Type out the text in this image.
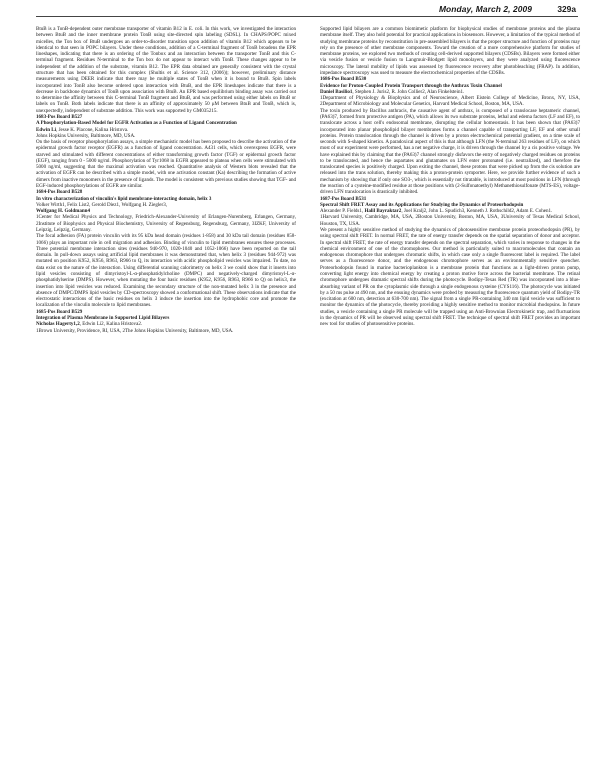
Monday, March 2, 2009	329a

BtuB is a TonB-dependent outer membrane transporter of vitamin B12 in E. coli. In this work, we investigated the interaction between BtuB and the inner membrane protein TonB using site-directed spin labeling (SDSL). In CHAPS/POPC mixed micelles, the Ton box of BtuB undergoes an order-to-disorder transition upon addition of vitamin B12 which appears to be identical to that seen in POPC bilayers. Under these conditions, addition of a C-terminal fragment of TonB broadens the EPR lineshapes, indicating that there is an ordering of the Tonbox and an interaction between the transporter TonB and this C-terminal fragment. Residues N-terminal to the Ton box do not appear to interact with TonB. These changes appear to be independent of the addition of the substrate, vitamin B12. The EPR data obtained are generally consistent with the crystal structure that has been obtained for this complex (Shultis et al. Science 312, (2006)); however, preliminary distance measurements using DEER indicate that there may be multiple states of TonB when it is bound to BtuB. Spin labels incorporated into TonB also become ordered upon interaction with BtuB, and the EPR lineshapes indicate that there is a decrease in backbone dynamics of TonB upon association with BtuB. An EPR based equilibrium binding assay was carried out to determine the affinity between this C-terminal TonB fragment and BtuB, and was performed using either labels on BtuB or labels on TonB. Both labels indicate that there is an affinity of approximately 50 μM between BtuB and TonB, which is, unexpectedly, independent of substrate addition. This work was supported by GM035215.

1683-Pos Board B527

A Phosphorylation-Based Model for EGFR Activation as a Function of Ligand Concentration

Edwin Li, Jesse K. Placone, Kalina Hristova.

Johns Hopkins University, Baltimore, MD, USA.

On the basis of receptor phosphorylation assays, a simple mechanistic model has been proposed to describe the activation of the epidermal growth factor receptor (EGFR) as a function of ligand concentration. A431 cells, which overexpress EGFR, were starved and stimulated with different concentrations of either transforming growth factor (TGF) or epidermal growth factor (EGF), ranging from 0 - 5000 ng/ml. Phosphorylation of Tyr1068 in EGFR appeared to plateau when cells were stimulated with 5000 ng/ml, suggesting that the maximal activation was reached. Quantitative analysis of Western blots revealed that the activation of EGFR can be described with a simple model, with one activation constant (Ka) describing the formation of active dimers from inactive monomers in the presence of ligands. The model is consistent with previous studies showing that TGF- and EGF-induced phosphorylations of EGFR are similar.

1684-Pos Board B528

In vitro characterization of vinculin's lipid membrane-interacting domain, helix 3

Volker Wirth1, Felix List2, Gerold Diez1, Wolfgang H. Ziegler3,
Wolfgang H. Goldmann4

1Center for Medical Physics and Technology, Friedrich-Alexander-University of Erlangen-Nuremberg, Erlangen, Germany, 2Institute of Biophysics and Physical Biochemistry, University of Regensburg, Regensburg, Germany, 3IZKF, University of Leipzig, Leipzig, Germany.

The focal adhesion (FA) protein vinculin with its 95 kDa head domain (residues 1-858) and 30 kDa tail domain (residues 858-1066) plays an important role in cell migration and adhesion. Binding of vinculin to lipid membranes ensures these processes. Three potential membrane interaction sites (residues 940-970, 1020-1040 and 1052-1066) have been reported on the tail domain. In pull-down assays using artificial lipid membranes it was demonstrated that, when helix 3 (residues 944-972) was mutated on position K952, K956, R963, R966 to Q, its interaction with acidic phospholipid vesicles was impaired. To date, no data exist on the nature of the interaction. Using differential scanning calorimetry on helix 3 we could show that it inserts into lipid vesicles consisting of dimyristoyl-L-α-phosphatidylcholine (DMPC) and negatively-charged dimyristoyl-L-α-phosphatidylserine (DMPS). However, when mutating the four basic residues (K952, K956, R963, R966 to Q) on helix3, the insertion into lipid vesicles was reduced. Examining the secondary structure of the non-mutated helix 3 in the presence and absence of DMPC/DMPS lipid vesicles by CD-spectroscopy showed a conformational shift. These observations indicate that the electrostatic interactions of the basic residues on helix 3 induce the insertion into the hydrophobic core and promote the localization of the vinculin molecule to lipid membranes.

1685-Pos Board B529

Integration of Plasma Membrane in Supported Lipid Bilayers

Nicholas Hagerty1,2, Edwin Li2, Kalina Hristova2.

1Brown University, Providence, RI, USA, 2The Johns Hopkins University, Baltimore, MD, USA.

Supported lipid bilayers are a common biomimetic platform for biophysical studies of membrane proteins and the plasma membrane itself. They also hold potential for practical applications in biosensors. However, a limitation of the typical method of studying membrane proteins by reconstitution in pre-assembled bilayers is that the proper structure and function of proteins may rely on the presence of other membrane components. Toward the creation of a more comprehensive platform for studies of membrane proteins, we explored two methods of creating cell-derived supported bilayers (CDSBs). Bilayers were formed either via vesicle fusion or vesicle fusion to Langmuir-Blodgett lipid monolayers, and they were analyzed using fluorescence microscopy. The lateral mobility of lipids was assessed by fluorescence recovery after photobleaching (FRAP). In addition, impedance spectroscopy was used to measure the electrochemical properties of the CDSBs.

1686-Pos Board B530

Evidence for Proton-Coupled Protein Transport through the Anthrax Toxin Channel

Daniel Basilio1, Stephen J. Juris2, R. John Collier2, Alan Finkelstein1.

1Department of Physiology & Biophysics and of Neuroscience, Albert Eistein College of Medicine, Bronx, NY, USA, 2Department of Microbiology and Molecular Genetics, Harvard Medical School, Boston, MA, USA.

The toxin produced by Bacillus anthracis, the causative agent of anthrax, is composed of a translocase heptameric channel, (PA63)7, formed from protective antigen (PA), which allows its two substrate proteins, lethal and edema factors (LF and EF), to translocate across a host cell's endosomal membrane, disrupting the cellular homeostasis. It has been shown that (PA63)7 incorporated into planar phospholipid bilayer membranes forms a channel capable of transporting LF, EF and other small proteins. Protein translocation through the channel is driven by a proton electrochemical potential gradient, on a time scale of seconds with S-shaped kinetics. A paradoxical aspect of this is that although LFN (the N-terminal 263 residues of LF), on which most of our experiment were performed, has a net negative charge, it is driven through the channel by a cis positive voltage. We have explained this by claiming that the (PA63)7 channel strongly disfavors the entry of negatively charged residues on proteins to be translocated, and hence the aspartates and glutamates on LFN enter protonated (i.e. neutralized), and therefore the translocated species is positively charged. Upon exiting the channel, these protons that were picked up from the cis solution are released into the trans solution, thereby making this a proton-protein symporter. Here, we provide further evidence of such a mechanism by showing that if only one SO3-, which is essentially not titratable, is introduced at most positions in LFN (through the reaction of a cysteine-modified residue at those positions with (2-Sulfonatoethyl) Methanethiosulfonate (MTS-ES), voltage-driven LFN translocation is drastically inhibited.

1687-Pos Board B531

Spectral Shift FRET Assay and its Applications for Studying the Dynamics of Proteorhodopsin

Alexander P. Fields1, Halil Bayraktar2, Joel Kralj2, John L. Spudich3, Kenneth J. Rothschild2, Adam E. Cohen1.

1Harvard University, Cambridge, MA, USA, 2Boston University, Boston, MA, USA, 3University of Texas Medical School, Houston, TX, USA.

We present a highly sensitive method of studying the dynamics of photosensitive membrane protein proteorhodopsin (PR), by using spectral shift FRET. In normal FRET, the rate of energy transfer depends on the spatial separation of donor and acceptor. In spectral shift FRET, the rate of energy transfer depends on the spectral separation, which varies in response to changes in the chemical environment of one of the chromophores. Our method is particularly suited to macromolecules that contain an endogenous chromophore that undergoes chromatic shifts, in which case only a single fluorescent label is required. The label serves as a fluorescence donor, and the endogenous chromophore serves as an environmentally sensitive quencher. Proteorhodopsin found in marine bacterioplankton is a membrane protein that functions as a light-driven proton pump, converting light energy into chemical energy by creating a proton motive force across the bacterial membrane. The retinal chromophore undergoes dramatic spectral shifts during the photocycle. Bodipy-Texas Red (TR) was incorporated into a blue-absorbing variant of PR on the cytoplasmic side through a single endogenous cysteine (CYS116). The photocycle was initiated by a 50 ms pulse at 490 nm, and the ensuing dynamics were probed by measuring the fluorescence quantum yield of Bodipy-TR (excitation at 600 nm, detection at 630-700 nm). The signal from a single PR-containing 340 nm lipid vesicle was sufficient to monitor the dynamics of the photocycle, thereby providing a highly sensitive method to monitor microbial rhodopsins. In future studies, a vesicle containing a single PR molecule will be trapped using an Anti-Brownian Electrokinetic trap, and fluctuations in the dynamics of PR will be observed using spectral shift FRET. The technique of spectral shift FRET provides an important new tool for studies of photosensitive proteins.
